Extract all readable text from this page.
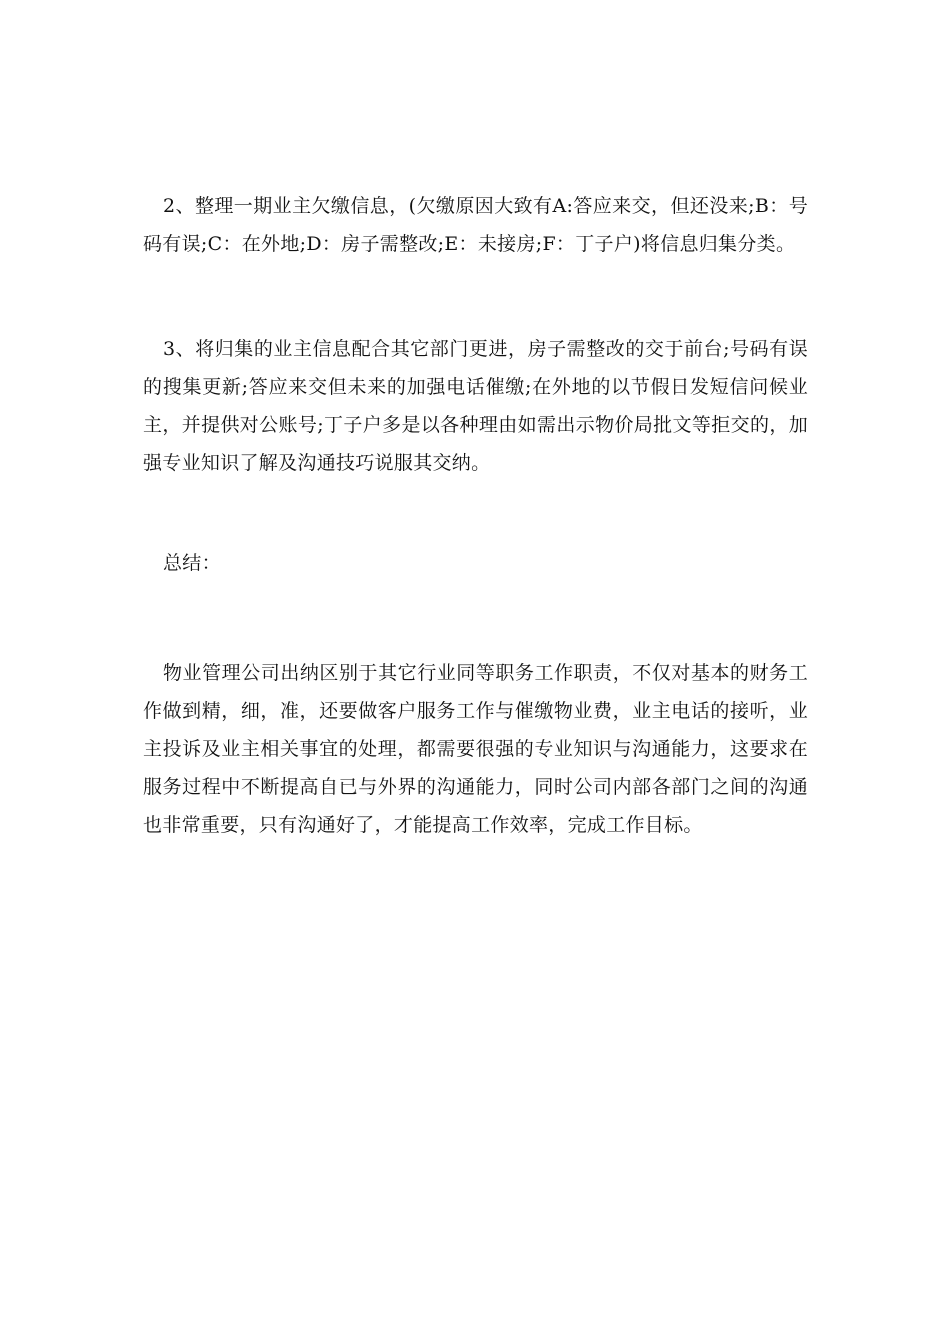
2、整理一期业主欠缴信息，(欠缴原因大致有A:答应来交，但还没来;B：号码有误;C：在外地;D：房子需整改;E：未接房;F：丁子户)将信息归集分类。

3、将归集的业主信息配合其它部门更进，房子需整改的交于前台;号码有误的搜集更新;答应来交但未来的加强电话催缴;在外地的以节假日发短信问候业主，并提供对公账号;丁子户多是以各种理由如需出示物价局批文等拒交的，加强专业知识了解及沟通技巧说服其交纳。

总结：

物业管理公司出纳区别于其它行业同等职务工作职责，不仅对基本的财务工作做到精，细，准，还要做客户服务工作与催缴物业费，业主电话的接听，业主投诉及业主相关事宜的处理，都需要很强的专业知识与沟通能力，这要求在服务过程中不断提高自已与外界的沟通能力，同时公司内部各部门之间的沟通也非常重要，只有沟通好了，才能提高工作效率，完成工作目标。
